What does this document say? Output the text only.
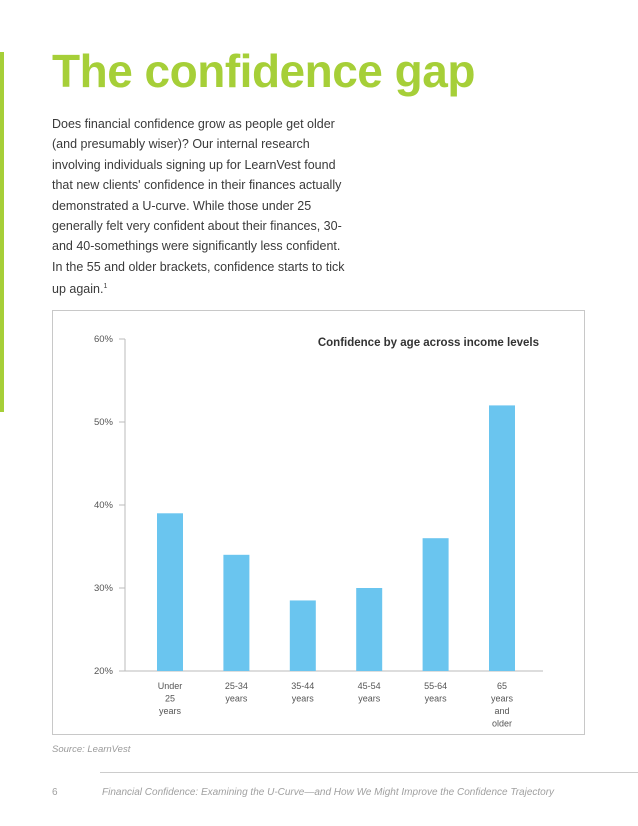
The confidence gap

Does financial confidence grow as people get older (and presumably wiser)? Our internal research involving individuals signing up for LearnVest found that new clients' confidence in their finances actually demonstrated a U-curve. While those under 25 generally felt very confident about their finances, 30- and 40-somethings were significantly less confident. In the 55 and older brackets, confidence starts to tick up again.$^1$

20%
30%
40%
50%
60%	Confidence by age across income levels
Under
25
years
25-34
years
35-44
years
45-54
years
55-64
years
65
years
and
older
Source: LearnVest
6	Financial Confidence: Examining the U-Curve—and How We Might Improve the Confidence Trajectory
